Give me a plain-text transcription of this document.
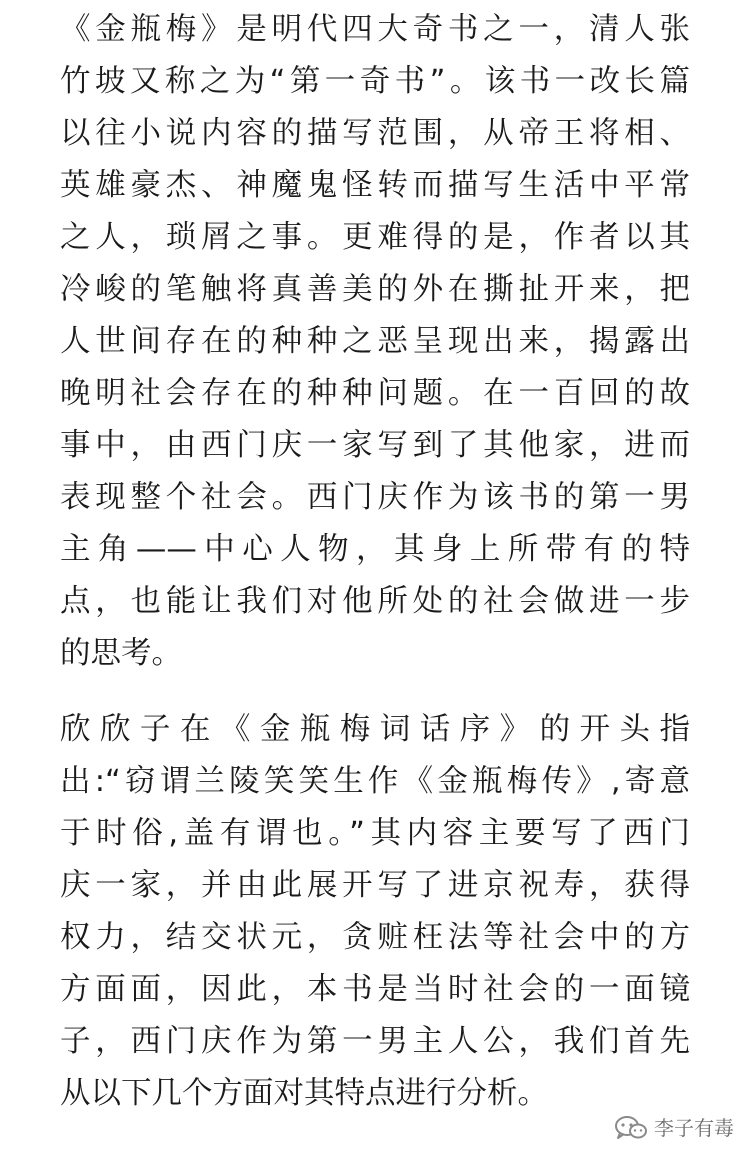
《金瓶梅》是明代四大奇书之一，清人张
竹坡又称之为“第一奇书”。该书一改长篇
以往小说内容的描写范围，从帝王将相、
英雄豪杰、神魔鬼怪转而描写生活中平常
之人，琐屑之事。更难得的是，作者以其
冷峻的笔触将真善美的外在撕扯开来，把
人世间存在的种种之恶呈现出来，揭露出
晚明社会存在的种种问题。在一百回的故
事中，由西门庆一家写到了其他家，进而
表现整个社会。西门庆作为该书的第一男
主角——中心人物，其身上所带有的特
点，也能让我们对他所处的社会做进一步
的思考。
欣欣子在《金瓶梅词话序》的开头指
出:“窃谓兰陵笑笑生作《金瓶梅传》,寄意
于时俗,盖有谓也。”其内容主要写了西门
庆一家，并由此展开写了进京祝寿，获得
权力，结交状元，贪赃枉法等社会中的方
方面面，因此，本书是当时社会的一面镜
子，西门庆作为第一男主人公，我们首先
从以下几个方面对其特点进行分析。
李子有毒
